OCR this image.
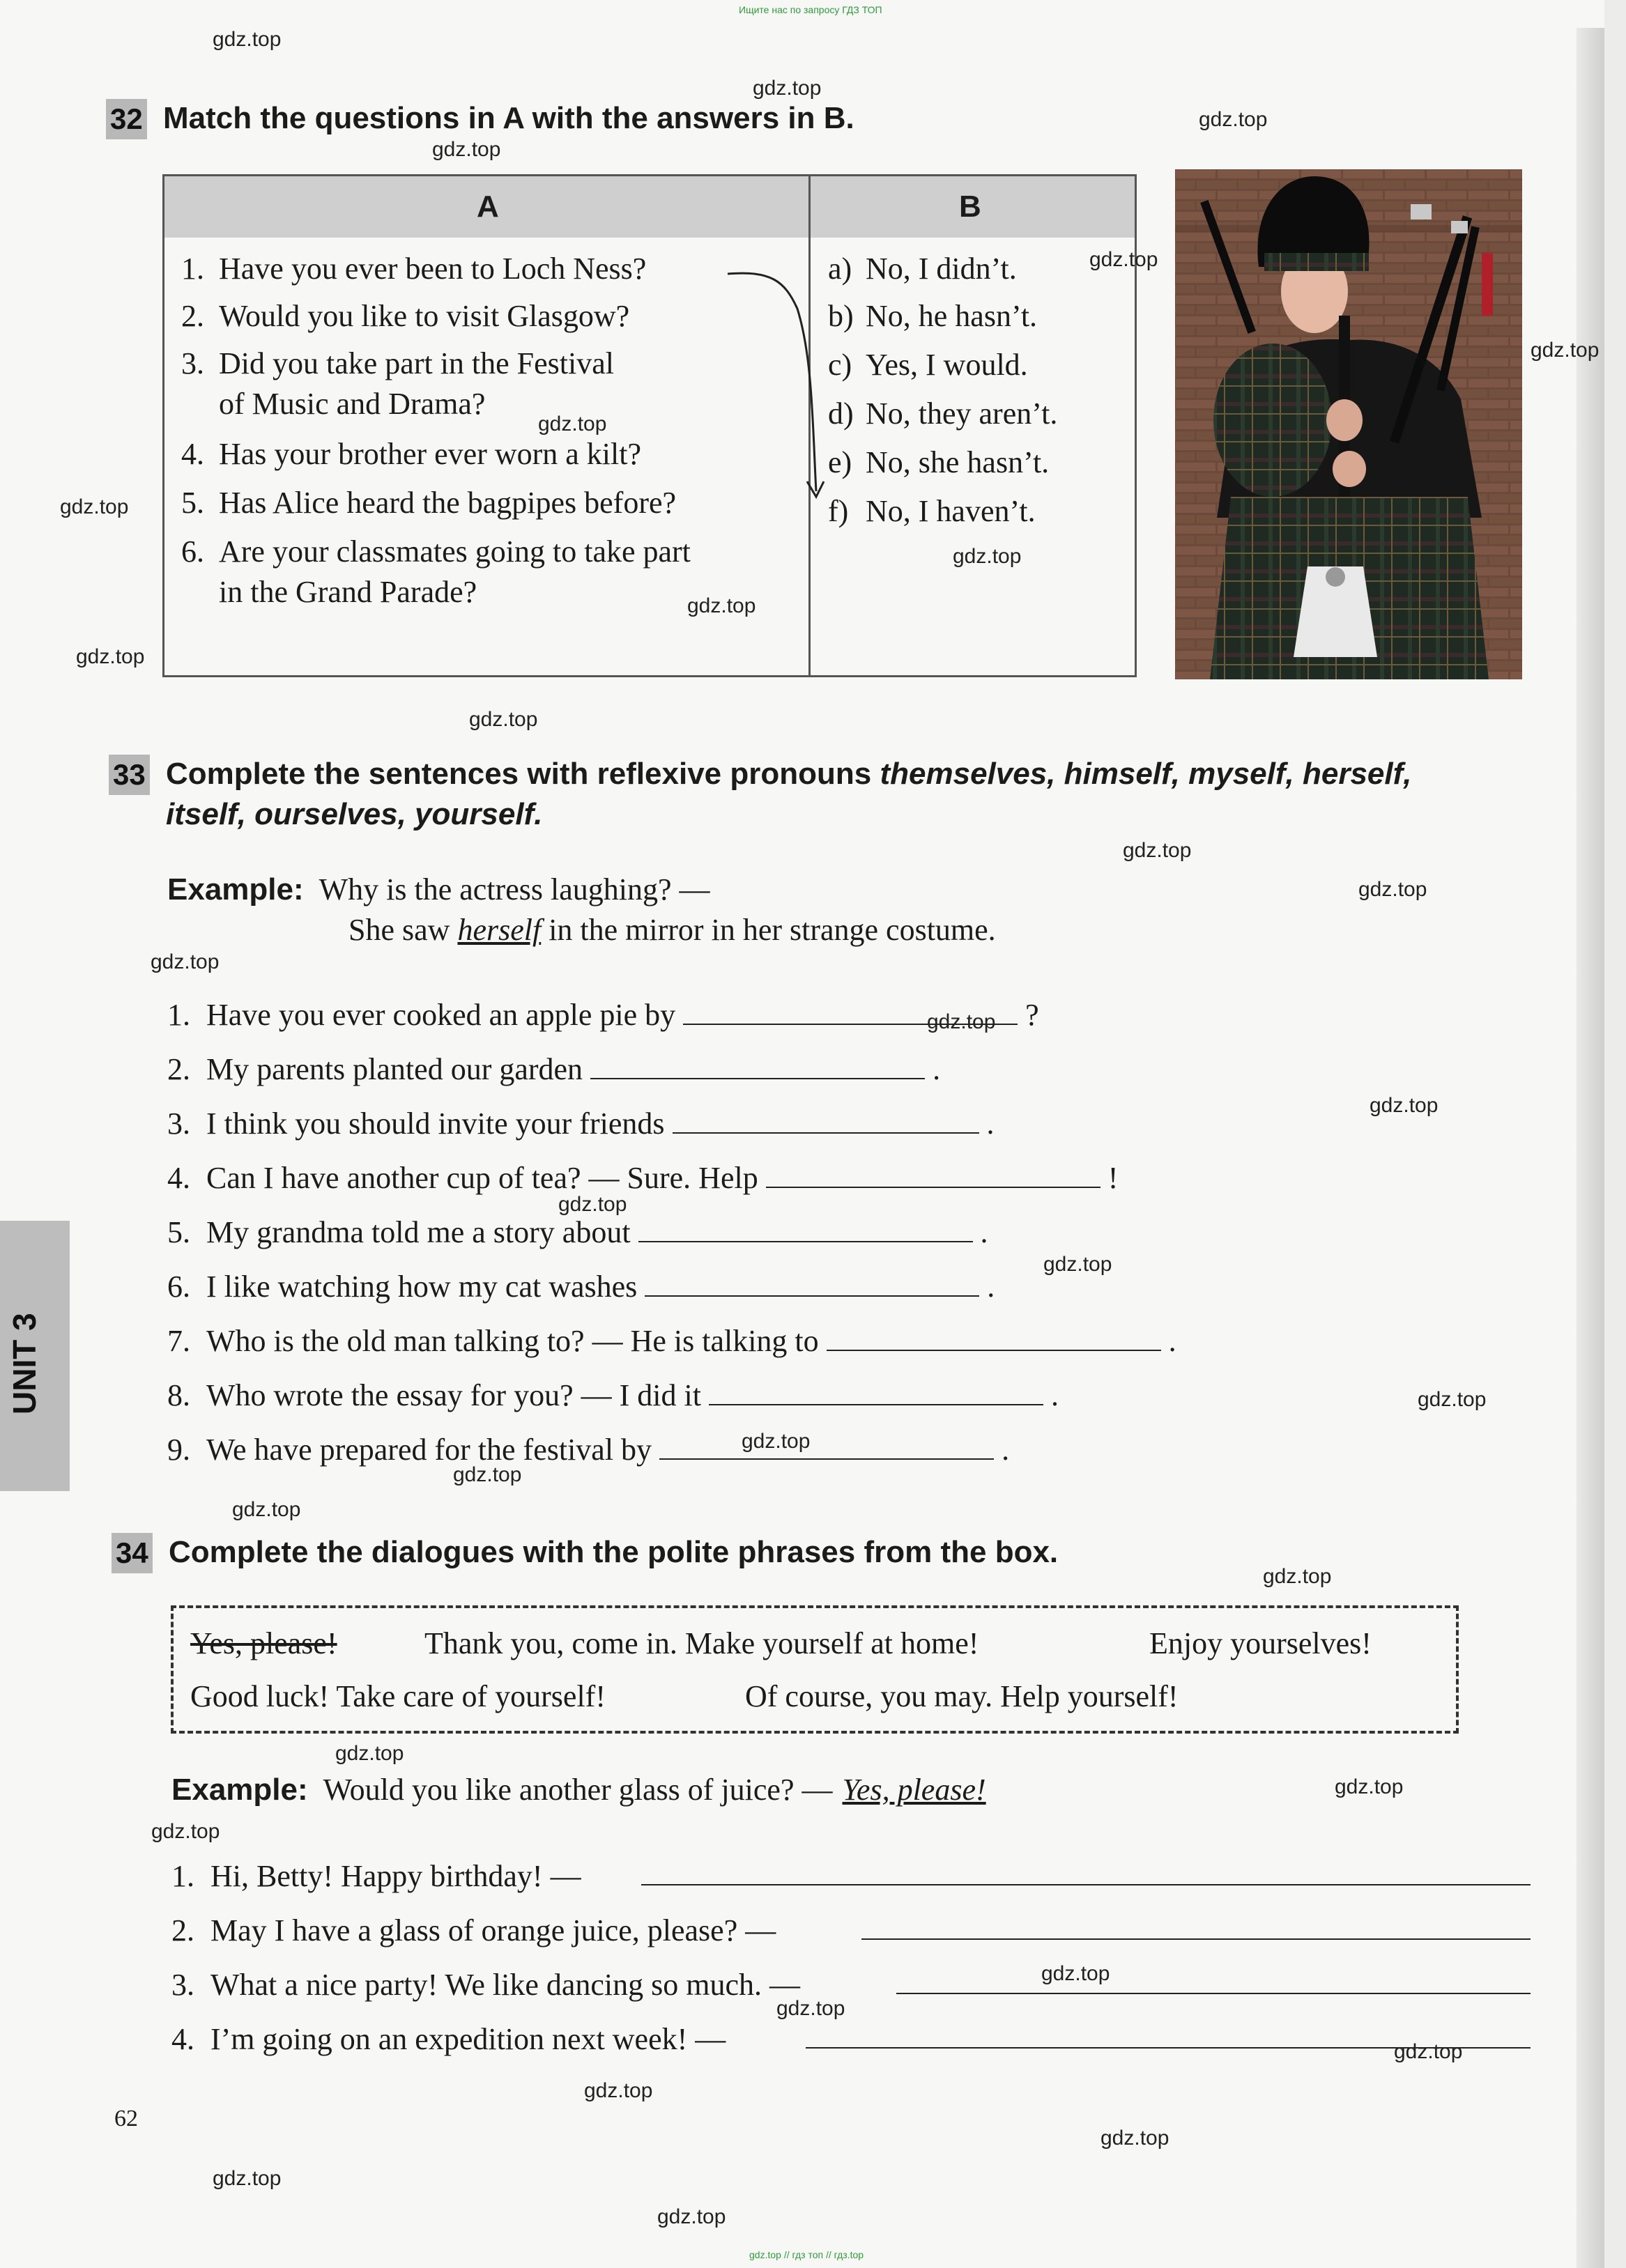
Ищите нас по запросу ГДЗ ТОП
32 Match the questions in A with the answers in B.
A	B
1. Have you ever been to Loch Ness?
2. Would you like to visit Glasgow?
3. Did you take part in the Festival
of Music and Drama?
4. Has your brother ever worn a kilt?
5. Has Alice heard the bagpipes before?
6. Are your classmates going to take part
in the Grand Parade?
a) No, I didn’t.
b) No, he hasn’t.
c) Yes, I would.
d) No, they aren’t.
e) No, she hasn’t.
f) No, I haven’t.
33 Complete the sentences with reflexive pronouns themselves, himself, myself, herself,
itself, ourselves, yourself.
Example: Why is the actress laughing? —
She saw herself in the mirror in her strange costume.
1. Have you ever cooked an apple pie by	?
2. My parents planted our garden	.
3. I think you should invite your friends	.
4. Can I have another cup of tea? — Sure. Help	!
5. My grandma told me a story about	.
6. I like watching how my cat washes	.
7. Who is the old man talking to? — He is talking to	.
8. Who wrote the essay for you? — I did it	.
9. We have prepared for the festival by	.
UNIT 3
34 Complete the dialogues with the polite phrases from the box.
Yes, please!	Thank you, come in. Make yourself at home!	Enjoy yourselves!
Good luck! Take care of yourself!	Of course, you may. Help yourself!
Example: Would you like another glass of juice? — Yes, please!
1. Hi, Betty! Happy birthday! —
2. May I have a glass of orange juice, please? —
3. What a nice party! We like dancing so much. —
4. I’m going on an expedition next week! —
62
gdz.top
gdz.top
gdz.top
gdz.top
gdz.top
gdz.top
gdz.top
gdz.top
gdz.top
gdz.top
gdz.top
gdz.top
gdz.top
gdz.top
gdz.top
gdz.top
gdz.top
gdz.top
gdz.top
gdz.top
gdz.top
gdz.top
gdz.top
gdz.top
gdz.top
gdz.top
gdz.top
gdz.top
gdz.top
gdz.top
gdz.top
gdz.top
gdz.top
gdz.top
gdz.top // гдз топ // гдз.top
